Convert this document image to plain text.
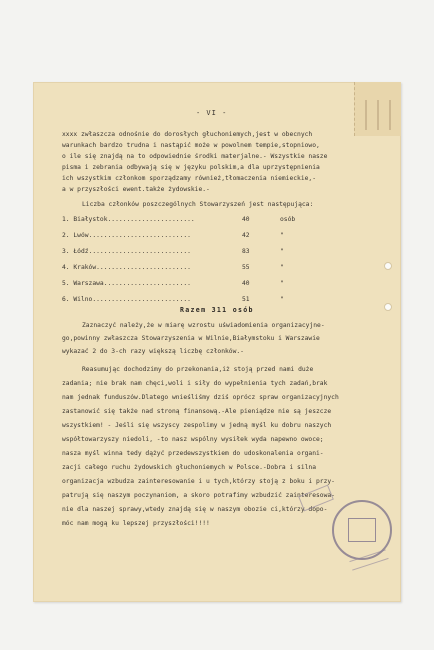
- VI -
xxxx zwłaszcza odnośnie do dorosłych głuchoniemych,jest w obecnych
warunkach bardzo trudna i nastąpić może w powolnem tempie,stopniowo,
o ile się znajdą na to odpowiednie środki materjalne.- Wszystkie nasze
pisma i zebrania odbywają się w języku polskim,a dla uprzystępnienia
ich wszystkim członkom sporządzamy również,tłomaczenia niemieckie,-
a w przyszłości ewent.także żydowskie.-
Liczba członków poszczególnych Stowarzyszeń jest następująca:
1. Białystok.......................	40	osób
2. Lwów...........................	42	"
3. Łódź...........................	83	"
4. Kraków.........................	55	"
5. Warszawa.......................	40	"
6. Wilno..........................	51	"
Razem 311 osób
Zaznaczyć należy,że w miarę wzrostu uświadomienia organizacyjne-
go,powinny zwłaszcza Stowarzyszenia w Wilnie,Białymstoku i Warszawie
wykazać 2 do 3-ch razy większą liczbę członków.-
Reasumując dochodzimy do przekonania,iż stoją przed nami duże
zadania; nie brak nam chęci,woli i siły do wypełnienia tych zadań,brak
nam jednak funduszów.Dlatego wnieśliśmy dziś oprócz spraw organizacyjnych
zastanowić się także nad stroną finansową.-Ale pieniądze nie są jeszcze
wszystkiem! - Jeśli się wszyscy zespolimy w jedną myśl ku dobru naszych
współtowarzyszy niedoli, -to nasz wspólny wysiłek wyda napewno owoce;
nasza myśl winna tedy dążyć przedewszystkiem do udoskonalenia organi-
zacji całego ruchu żydowskich głuchoniemych w Polsce.-Dobra i silna
organizacja wzbudza zainteresowanie i u tych,którzy stoją z boku i przy-
patrują się naszym poczynaniom, a skoro potrafimy wzbudzić zainteresowa-
nie dla naszej sprawy,wtedy znajdą się w naszym obozie ci,którzy dopo-
móc nam mogą ku lepszej przyszłości!!!!
